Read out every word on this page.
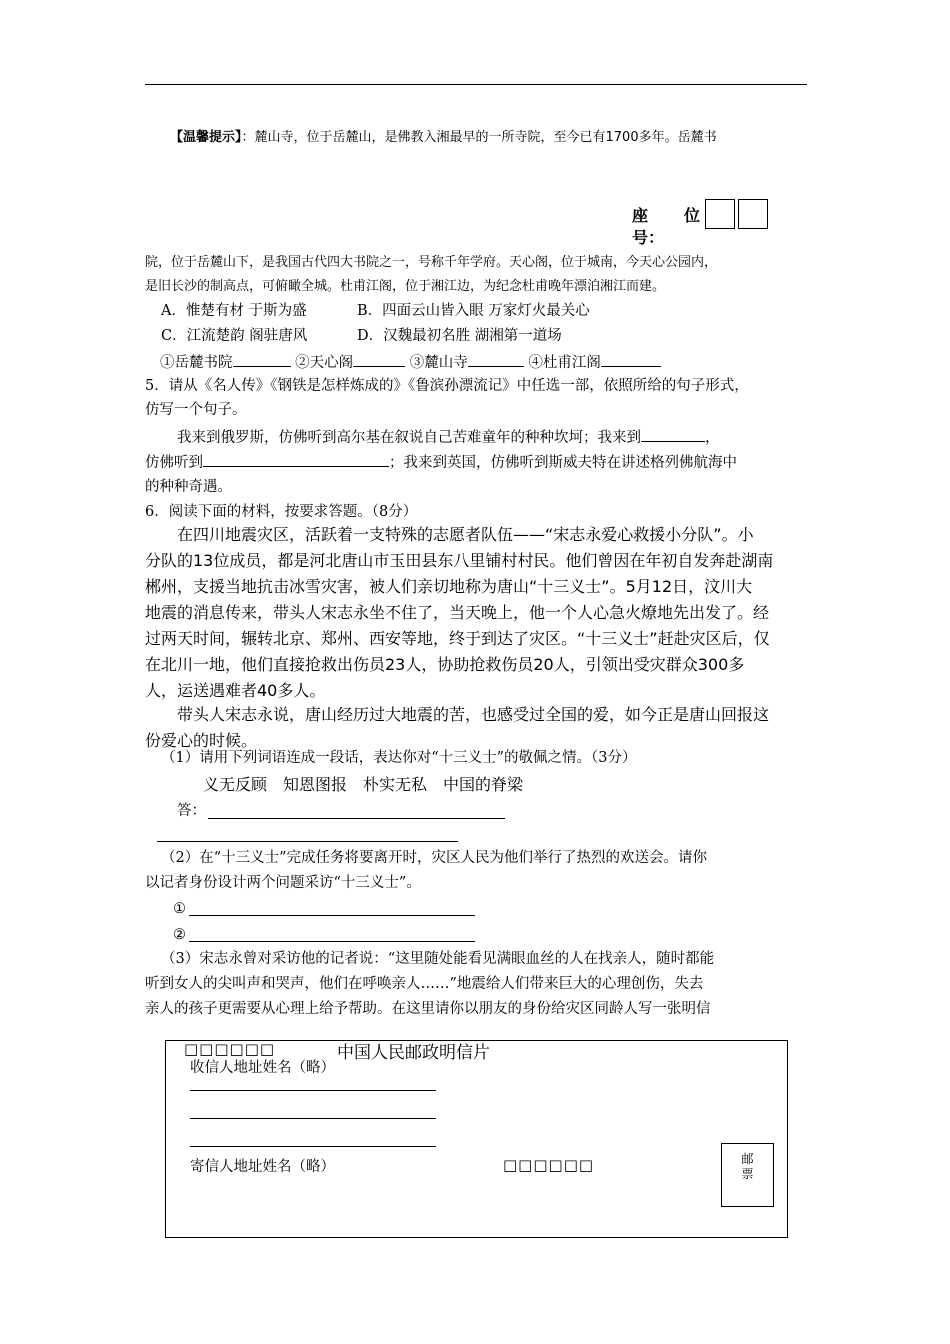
【温馨提示】：麓山寺，位于岳麓山，是佛教入湘最早的一所寺院，至今已有1700多年。岳麓书
座 位
号：
院，位于岳麓山下，是我国古代四大书院之一，号称千年学府。天心阁，位于城南，今天心公园内，
是旧长沙的制高点，可俯瞰全城。杜甫江阁，位于湘江边，为纪念杜甫晚年漂泊湘江而建。
A．惟楚有材 于斯为盛	B．四面云山皆入眼 万家灯火最关心
C．江流楚韵 阁驻唐风	D．汉魏最初名胜 湖湘第一道场
①岳麓书院	②天心阁	③麓山寺	④杜甫江阁
5．请从《名人传》《钢铁是怎样炼成的》《鲁滨孙漂流记》中任选一部，依照所给的句子形式，
仿写一个句子。
我来到俄罗斯，仿佛听到高尔基在叙说自己苦难童年的种种坎坷；我来到	，
仿佛听到	；我来到英国，仿佛听到斯威夫特在讲述格列佛航海中
的种种奇遇。
6．阅读下面的材料，按要求答题。（8分）
在四川地震灾区，活跃着一支特殊的志愿者队伍——“宋志永爱心救援小分队”。小
分队的13位成员，都是河北唐山市玉田县东八里铺村村民。他们曾因在年初自发奔赴湖南
郴州，支援当地抗击冰雪灾害，被人们亲切地称为唐山“十三义士”。5月12日，汶川大
地震的消息传来，带头人宋志永坐不住了，当天晚上，他一个人心急火燎地先出发了。经
过两天时间，辗转北京、郑州、西安等地，终于到达了灾区。“十三义士”赶赴灾区后，仅
在北川一地，他们直接抢救出伤员23人，协助抢救伤员20人，引领出受灾群众300多
人，运送遇难者40多人。
带头人宋志永说，唐山经历过大地震的苦，也感受过全国的爱，如今正是唐山回报这
份爱心的时候。
（1）请用下列词语连成一段话，表达你对“十三义士”的敬佩之情。（3分）
义无反顾　知恩图报　朴实无私　中国的脊梁
答：
（2）在“十三义士”完成任务将要离开时，灾区人民为他们举行了热烈的欢送会。请你
以记者身份设计两个问题采访“十三义士”。
①
②
（3）宋志永曾对采访他的记者说：“这里随处能看见满眼血丝的人在找亲人，随时都能
听到女人的尖叫声和哭声，他们在呼唤亲人……”地震给人们带来巨大的心理创伤，失去
亲人的孩子更需要从心理上给予帮助。在这里请你以朋友的身份给灾区同龄人写一张明信
□□□□□□	中国人民邮政明信片
收信人地址姓名（略）
寄信人地址姓名（略）	□□□□□□	邮
票
